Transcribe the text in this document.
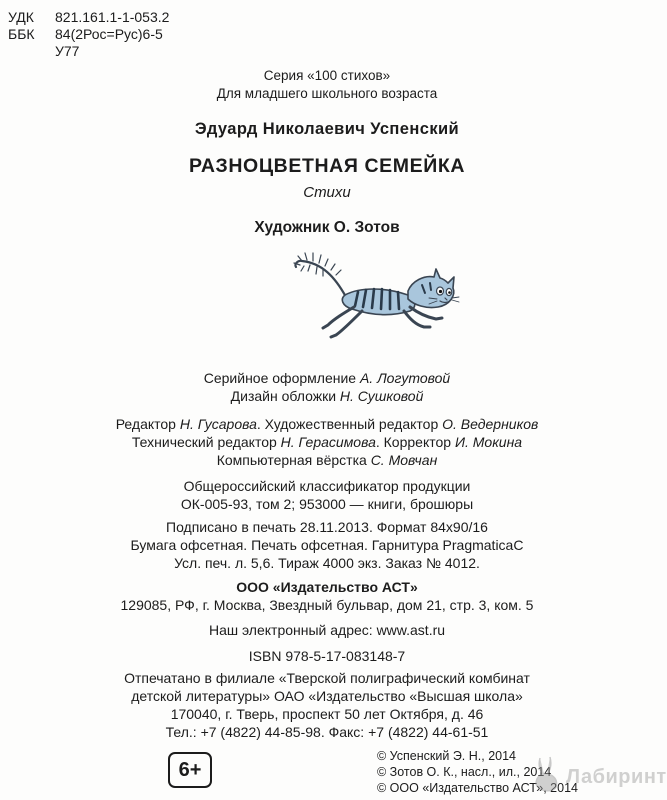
УДК 821.161.1-1-053.2
ББК 84(2Рос=Рус)6-5
У77
Серия «100 стихов»
Для младшего школьного возраста
Эдуард Николаевич Успенский
РАЗНОЦВЕТНАЯ СЕМЕЙКА
Стихи
Художник О. Зотов
Серийное оформление А. Логутовой
Дизайн обложки Н. Сушковой
Редактор Н. Гусарова. Художественный редактор О. Ведерников
Технический редактор Н. Герасимова. Корректор И. Мокина
Компьютерная вёрстка С. Мовчан
Общероссийский классификатор продукции
ОК-005-93, том 2; 953000 — книги, брошюры
Подписано в печать 28.11.2013. Формат 84х90/16
Бумага офсетная. Печать офсетная. Гарнитура PragmaticaC
Усл. печ. л. 5,6. Тираж 4000 экз. Заказ № 4012.
ООО «Издательство АСТ»
129085, РФ, г. Москва, Звездный бульвар, дом 21, стр. 3, ком. 5
Наш электронный адрес: www.ast.ru
ISBN 978-5-17-083148-7
Отпечатано в филиале «Тверской полиграфический комбинат
детской литературы» ОАО «Издательство «Высшая школа»
170040, г. Тверь, проспект 50 лет Октября, д. 46
Тел.: +7 (4822) 44-85-98. Факс: +7 (4822) 44-61-51
6+
© Успенский Э. Н., 2014
© Зотов О. К., насл., ил., 2014
© ООО «Издательство АСТ», 2014
Лабиринт
